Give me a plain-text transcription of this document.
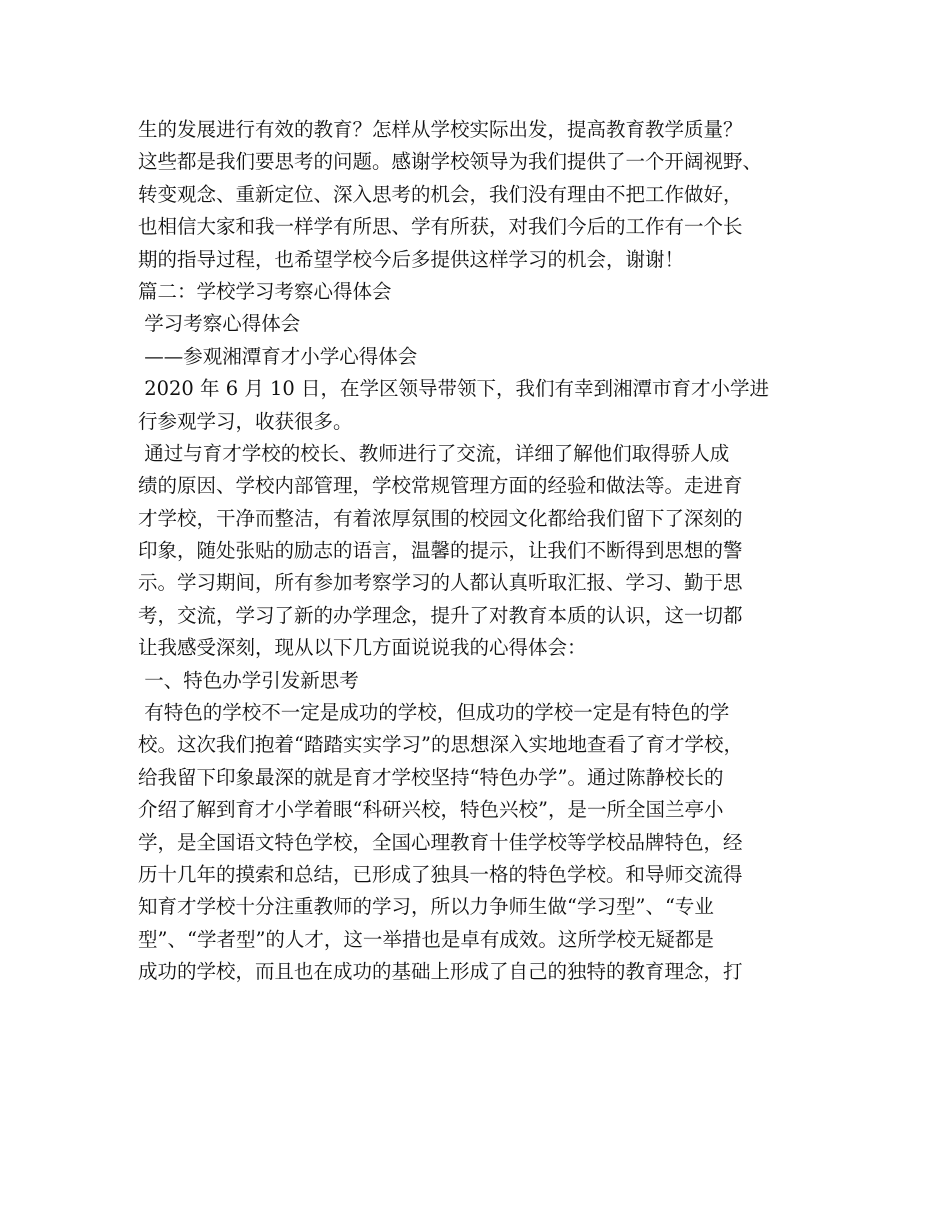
生的发展进行有效的教育？怎样从学校实际出发，提高教育教学质量？
这些都是我们要思考的问题。感谢学校领导为我们提供了一个开阔视野、
转变观念、重新定位、深入思考的机会，我们没有理由不把工作做好，
也相信大家和我一样学有所思、学有所获，对我们今后的工作有一个长
期的指导过程，也希望学校今后多提供这样学习的机会，谢谢！
篇二：学校学习考察心得体会
学习考察心得体会
——参观湘潭育才小学心得体会
2020 年 6 月 10 日，在学区领导带领下，我们有幸到湘潭市育才小学进
行参观学习，收获很多。
通过与育才学校的校长、教师进行了交流，详细了解他们取得骄人成
绩的原因、学校内部管理，学校常规管理方面的经验和做法等。走进育
才学校，干净而整洁，有着浓厚氛围的校园文化都给我们留下了深刻的
印象，随处张贴的励志的语言，温馨的提示，让我们不断得到思想的警
示。学习期间，所有参加考察学习的人都认真听取汇报、学习、勤于思
考，交流，学习了新的办学理念，提升了对教育本质的认识，这一切都
让我感受深刻，现从以下几方面说说我的心得体会：
一、特色办学引发新思考
有特色的学校不一定是成功的学校，但成功的学校一定是有特色的学
校。这次我们抱着“踏踏实实学习”的思想深入实地地查看了育才学校，
给我留下印象最深的就是育才学校坚持“特色办学”。通过陈静校长的
介绍了解到育才小学着眼“科研兴校，特色兴校”，是一所全国兰亭小
学，是全国语文特色学校，全国心理教育十佳学校等学校品牌特色，经
历十几年的摸索和总结，已形成了独具一格的特色学校。和导师交流得
知育才学校十分注重教师的学习，所以力争师生做“学习型”、“专业
型”、“学者型”的人才，这一举措也是卓有成效。这所学校无疑都是
成功的学校，而且也在成功的基础上形成了自己的独特的教育理念，打
